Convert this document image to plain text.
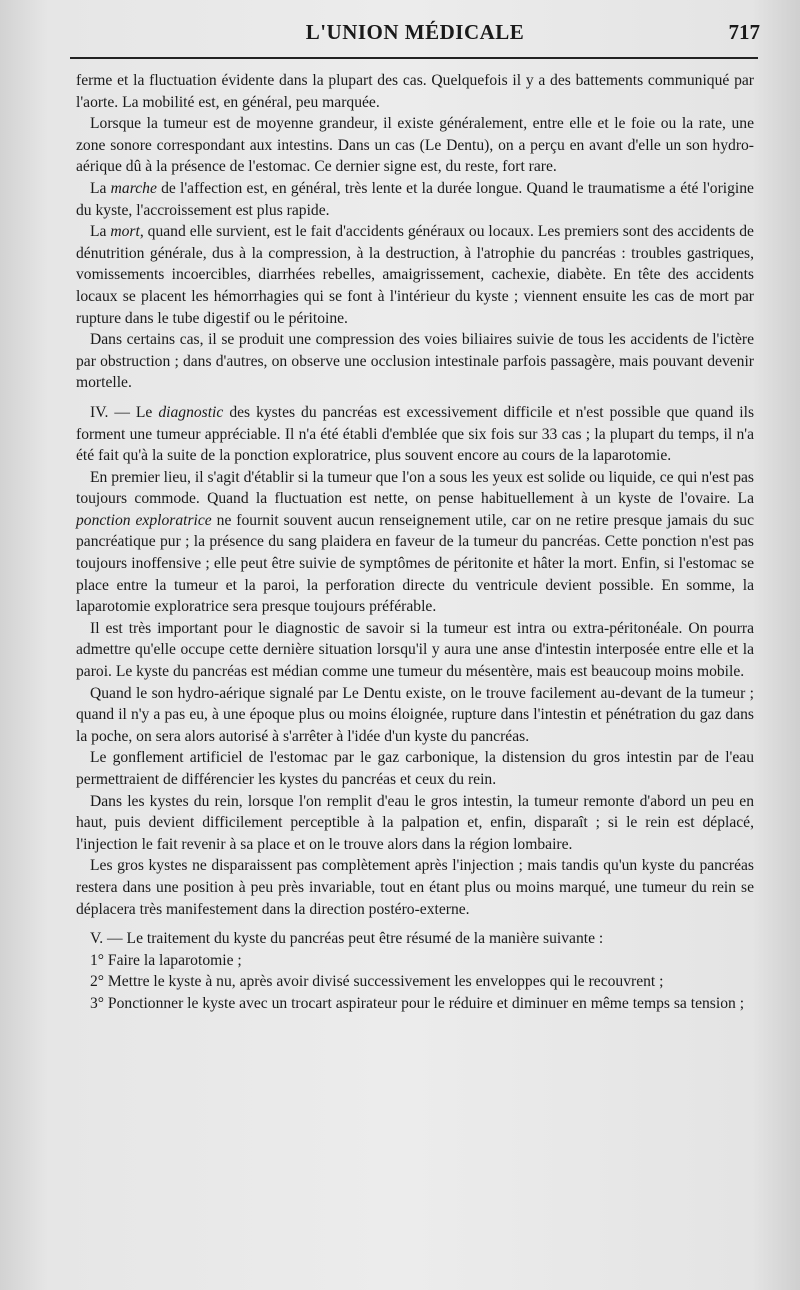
L'UNION MÉDICALE	717

ferme et la fluctuation évidente dans la plupart des cas. Quelquefois il y a des battements communiqué par l'aorte. La mobilité est, en général, peu marquée.

Lorsque la tumeur est de moyenne grandeur, il existe généralement, entre elle et le foie ou la rate, une zone sonore correspondant aux intestins. Dans un cas (Le Dentu), on a perçu en avant d'elle un son hydro-aérique dû à la présence de l'estomac. Ce dernier signe est, du reste, fort rare.

La marche de l'affection est, en général, très lente et la durée longue. Quand le traumatisme a été l'origine du kyste, l'accroissement est plus rapide.

La mort, quand elle survient, est le fait d'accidents généraux ou locaux. Les premiers sont des accidents de dénutrition générale, dus à la compression, à la destruction, à l'atrophie du pancréas : troubles gastriques, vomissements incoercibles, diarrhées rebelles, amaigrissement, cachexie, diabète. En tête des accidents locaux se placent les hémorrhagies qui se font à l'intérieur du kyste ; viennent ensuite les cas de mort par rupture dans le tube digestif ou le péritoine.

Dans certains cas, il se produit une compression des voies biliaires suivie de tous les accidents de l'ictère par obstruction ; dans d'autres, on observe une occlusion intestinale parfois passagère, mais pouvant devenir mortelle.

IV. — Le diagnostic des kystes du pancréas est excessivement difficile et n'est possible que quand ils forment une tumeur appréciable. Il n'a été établi d'emblée que six fois sur 33 cas ; la plupart du temps, il n'a été fait qu'à la suite de la ponction exploratrice, plus souvent encore au cours de la laparotomie.

En premier lieu, il s'agit d'établir si la tumeur que l'on a sous les yeux est solide ou liquide, ce qui n'est pas toujours commode. Quand la fluctuation est nette, on pense habituellement à un kyste de l'ovaire. La ponction exploratrice ne fournit souvent aucun renseignement utile, car on ne retire presque jamais du suc pancréatique pur ; la présence du sang plaidera en faveur de la tumeur du pancréas. Cette ponction n'est pas toujours inoffensive ; elle peut être suivie de symptômes de péritonite et hâter la mort. Enfin, si l'estomac se place entre la tumeur et la paroi, la perforation directe du ventricule devient possible. En somme, la laparotomie exploratrice sera presque toujours préférable.

Il est très important pour le diagnostic de savoir si la tumeur est intra ou extra-péritonéale. On pourra admettre qu'elle occupe cette dernière situation lorsqu'il y aura une anse d'intestin interposée entre elle et la paroi. Le kyste du pancréas est médian comme une tumeur du mésentère, mais est beaucoup moins mobile.

Quand le son hydro-aérique signalé par Le Dentu existe, on le trouve facilement au-devant de la tumeur ; quand il n'y a pas eu, à une époque plus ou moins éloignée, rupture dans l'intestin et pénétration du gaz dans la poche, on sera alors autorisé à s'arrêter à l'idée d'un kyste du pancréas.

Le gonflement artificiel de l'estomac par le gaz carbonique, la distension du gros intestin par de l'eau permettraient de différencier les kystes du pancréas et ceux du rein.

Dans les kystes du rein, lorsque l'on remplit d'eau le gros intestin, la tumeur remonte d'abord un peu en haut, puis devient difficilement perceptible à la palpation et, enfin, disparaît ; si le rein est déplacé, l'injection le fait revenir à sa place et on le trouve alors dans la région lombaire.

Les gros kystes ne disparaissent pas complètement après l'injection ; mais tandis qu'un kyste du pancréas restera dans une position à peu près invariable, tout en étant plus ou moins marqué, une tumeur du rein se déplacera très manifestement dans la direction postéro-externe.

V. — Le traitement du kyste du pancréas peut être résumé de la manière suivante :

1° Faire la laparotomie ;

2° Mettre le kyste à nu, après avoir divisé successivement les enveloppes qui le recouvrent ;

3° Ponctionner le kyste avec un trocart aspirateur pour le réduire et diminuer en même temps sa tension ;
